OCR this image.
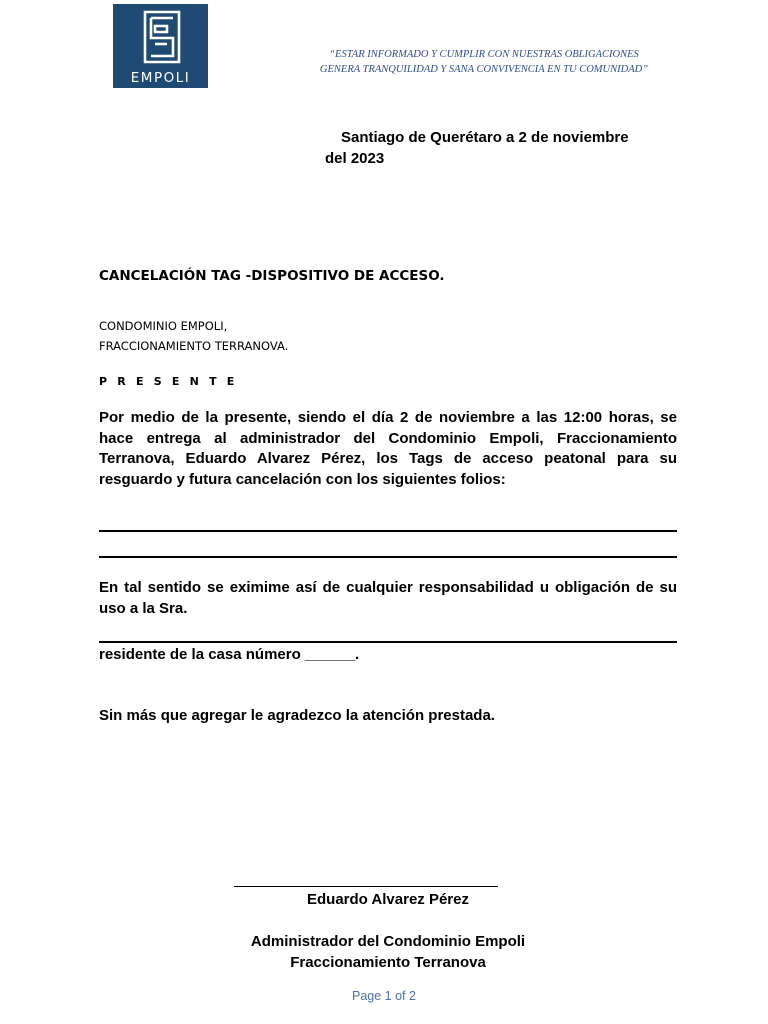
EMPOLI
“ESTAR INFORMADO Y CUMPLIR CON NUESTRAS OBLIGACIONES
GENERA TRANQUILIDAD Y SANA CONVIVENCIA EN TU COMUNIDAD”
Santiago de Querétaro a 2 de noviembre
del 2023
CANCELACIÓN TAG -DISPOSITIVO DE ACCESO.
CONDOMINIO EMPOLI,
FRACCIONAMIENTO TERRANOVA.
P R E S E N T E
Por medio de la presente, siendo el día 2 de noviembre a las 12:00 horas, se hace entrega al administrador del Condominio Empoli, Fraccionamiento Terranova, Eduardo Alvarez Pérez, los Tags de acceso peatonal para su resguardo y futura cancelación con los siguientes folios:
En tal sentido se eximime así de cualquier responsabilidad u obligación de su uso a la Sra.
residente de la casa número ______.
Sin más que agregar le agradezco la atención prestada.
Eduardo Alvarez Pérez
Administrador del Condominio Empoli
Fraccionamiento Terranova
Page 1 of 2
